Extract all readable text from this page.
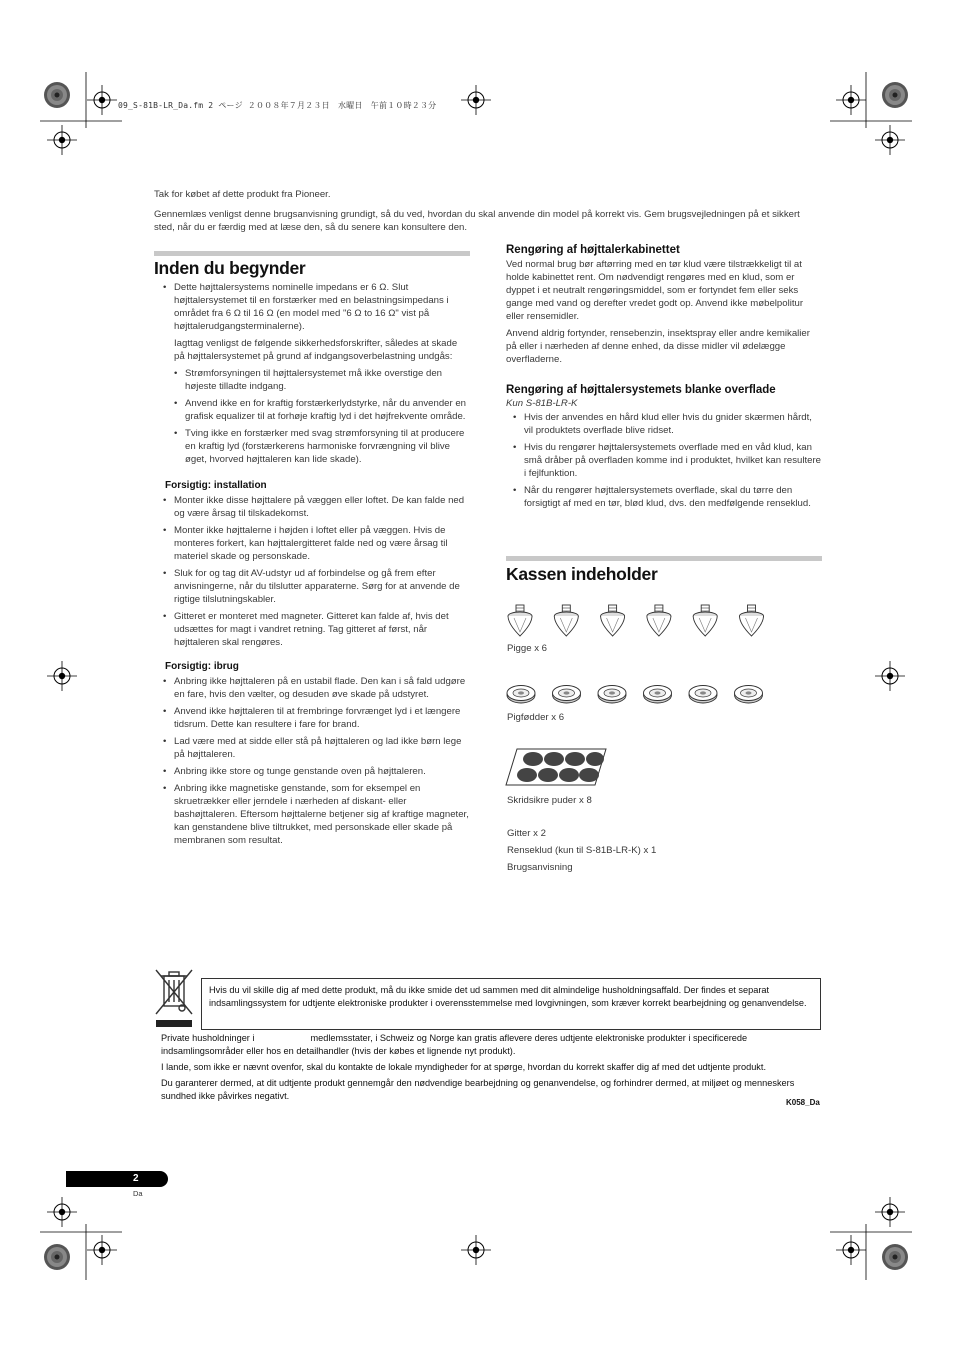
09_S-81B-LR_Da.fm 2 ページ ２００８年７月２３日　水曜日　午前１０時２３分

Tak for købet af dette produkt fra Pioneer.

Gennemlæs venligst denne brugsanvisning grundigt, så du ved, hvordan du skal anvende din model på korrekt vis. Gem brugsvejledningen på et sikkert sted, når du er færdig med at læse den, så du senere kan konsultere den.

Inden du begynder
• Dette højttalersystems nominelle impedans er 6 Ω. Slut højttalersystemet til en forstærker med en belastningsimpedans i området fra 6 Ω til 16 Ω (en model med "6 Ω to 16 Ω" vist på højttalerudgangsterminalerne).

Iagttag venligst de følgende sikkerhedsforskrifter, således at skade på højttalersystemet på grund af indgangsoverbelastning undgås:

• Strømforsyningen til højttalersystemet må ikke overstige den højeste tilladte indgang.
• Anvend ikke en for kraftig forstærkerlydstyrke, når du anvender en grafisk equalizer til at forhøje kraftig lyd i det højfrekvente område.
• Tving ikke en forstærker med svag strømforsyning til at producere en kraftig lyd (forstærkerens harmoniske forvrængning vil blive øget, hvorved højttaleren kan lide skade).
Forsigtig: installation
• Monter ikke disse højttalere på væggen eller loftet. De kan falde ned og være årsag til tilskadekomst.
• Monter ikke højttalerne i højden i loftet eller på væggen. Hvis de monteres forkert, kan højttalergitteret falde ned og være årsag til materiel skade og personskade.
• Sluk for og tag dit AV-udstyr ud af forbindelse og gå frem efter anvisningerne, når du tilslutter apparaterne. Sørg for at anvende de rigtige tilslutningskabler.
• Gitteret er monteret med magneter. Gitteret kan falde af, hvis det udsættes for magt i vandret retning. Tag gitteret af først, når højttaleren skal rengøres.
Forsigtig: ibrug
• Anbring ikke højttaleren på en ustabil flade. Den kan i så fald udgøre en fare, hvis den vælter, og desuden øve skade på udstyret.
• Anvend ikke højttaleren til at frembringe forvrænget lyd i et længere tidsrum. Dette kan resultere i fare for brand.
• Lad være med at sidde eller stå på højttaleren og lad ikke børn lege på højttaleren.
• Anbring ikke store og tunge genstande oven på højttaleren.
• Anbring ikke magnetiske genstande, som for eksempel en skruetrækker eller jerndele i nærheden af diskant- eller bashøjttaleren. Eftersom højttalerne betjener sig af kraftige magneter, kan genstandene blive tiltrukket, med personskade eller skade på membranen som resultat.
Rengøring af højttalerkabinettet

Ved normal brug bør aftørring med en tør klud være tilstrækkeligt til at holde kabinettet rent. Om nødvendigt rengøres med en klud, som er dyppet i et neutralt rengøringsmiddel, som er fortyndet fem eller seks gange med vand og derefter vredet godt op. Anvend ikke møbelpolitur eller rensemidler.

Anvend aldrig fortynder, rensebenzin, insektspray eller andre kemikalier på eller i nærheden af denne enhed, da disse midler vil ødelægge overfladerne.

Rengøring af højttalersystemets blanke overflade
Kun S-81B-LR-K
• Hvis der anvendes en hård klud eller hvis du gnider skærmen hårdt, vil produktets overflade blive ridset.
• Hvis du rengører højttalersystemets overflade med en våd klud, kan små dråber på overfladen komme ind i produktet, hvilket kan resultere i fejlfunktion.
• Når du rengører højttalersystemets overflade, skal du tørre den forsigtigt af med en tør, blød klud, dvs. den medfølgende renseklud.
Kassen indeholder
Pigge x 6
Pigfødder x 6
Skridsikre puder x 8
Gitter x 2
Renseklud (kun til S-81B-LR-K) x 1
Brugsanvisning
Hvis du vil skille dig af med dette produkt, må du ikke smide det ud sammen med dit almindelige husholdningsaffald. Der findes et separat indsamlingssystem for udtjente elektroniske produkter i overensstemmelse med lovgivningen, som kræver korrekt bearbejdning og genanvendelse.

Private husholdninger i	medlemsstater, i Schweiz og Norge kan gratis aflevere deres udtjente elektroniske produkter i specificerede indsamlingsområder eller hos en detailhandler (hvis der købes et lignende nyt produkt).

I lande, som ikke er nævnt ovenfor, skal du kontakte de lokale myndigheder for at spørge, hvordan du korrekt skaffer dig af med det udtjente produkt.

Du garanterer dermed, at dit udtjente produkt gennemgår den nødvendige bearbejdning og genanvendelse, og forhindrer dermed, at miljøet og menneskers sundhed ikke påvirkes negativt.

K058_Da
2
Da
